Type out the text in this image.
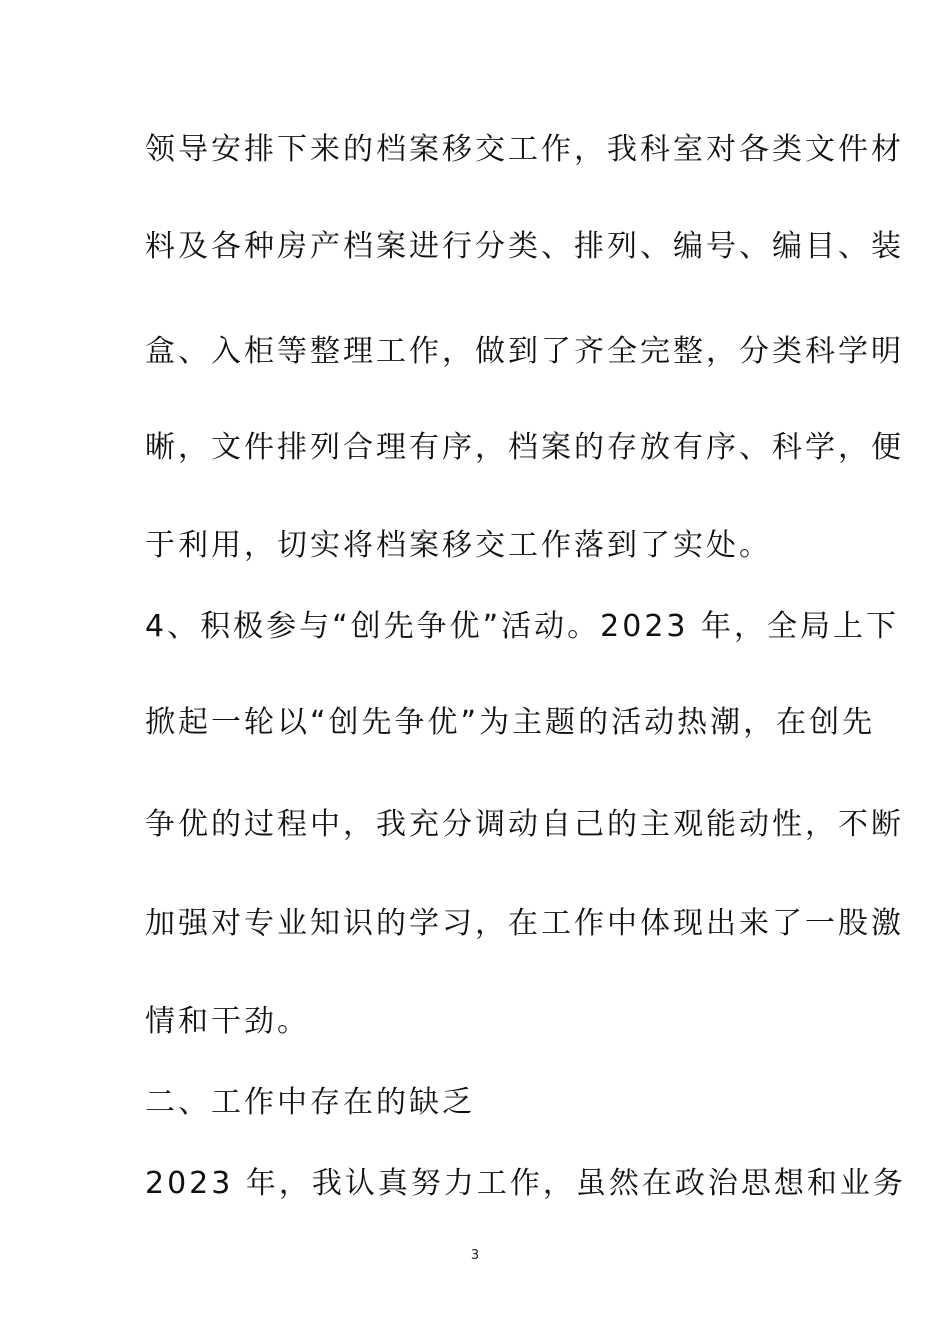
领导安排下来的档案移交工作，我科室对各类文件材
料及各种房产档案进行分类、排列、编号、编目、装
盒、入柜等整理工作，做到了齐全完整，分类科学明
晰，文件排列合理有序，档案的存放有序、科学，便
于利用，切实将档案移交工作落到了实处。
4、积极参与“创先争优”活动。2023 年，全局上下
掀起一轮以“创先争优”为主题的活动热潮，在创先
争优的过程中，我充分调动自己的主观能动性，不断
加强对专业知识的学习，在工作中体现出来了一股激
情和干劲。
二、工作中存在的缺乏
2023 年，我认真努力工作，虽然在政治思想和业务
3
